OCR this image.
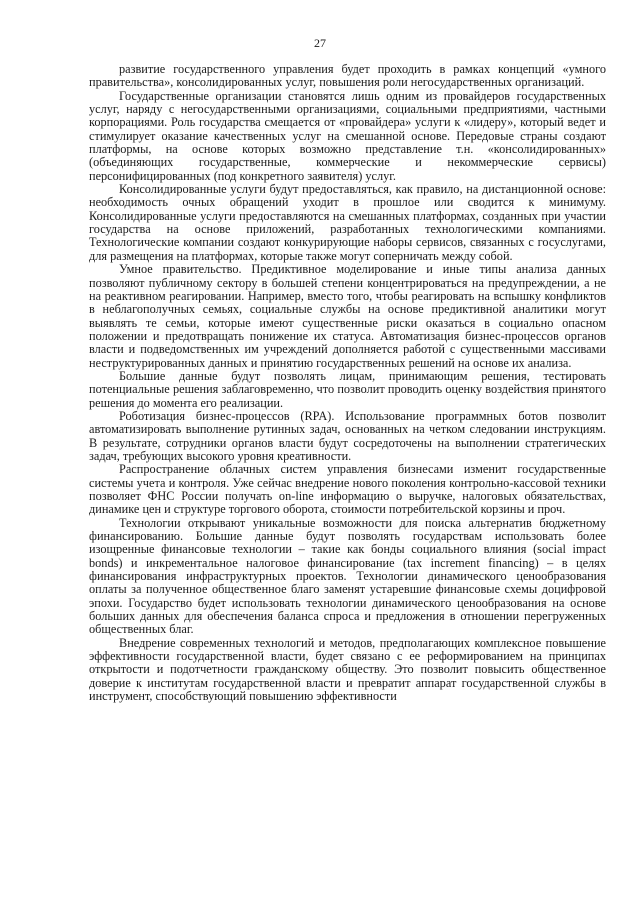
27

развитие государственного управления будет проходить в рамках концепций «умного правительства», консолидированных услуг, повышения роли негосударственных организаций.

Государственные организации становятся лишь одним из провайдеров государственных услуг, наряду с негосударственными организациями, социальными предприятиями, частными корпорациями. Роль государства смещается от «провайдера» услуги к «лидеру», который ведет и стимулирует оказание качественных услуг на смешанной основе. Передовые страны создают платформы, на основе которых возможно представление т.н. «консолидированных» (объединяющих государственные, коммерческие и некоммерческие сервисы) персонифицированных (под конкретного заявителя) услуг.

Консолидированные услуги будут предоставляться, как правило, на дистанционной основе: необходимость очных обращений уходит в прошлое или сводится к минимуму. Консолидированные услуги предоставляются на смешанных платформах, созданных при участии государства на основе приложений, разработанных технологическими компаниями. Технологические компании создают конкурирующие наборы сервисов, связанных с госуслугами, для размещения на платформах, которые также могут соперничать между собой.

Умное правительство. Предиктивное моделирование и иные типы анализа данных позволяют публичному сектору в большей степени концентрироваться на предупреждении, а не на реактивном реагировании. Например, вместо того, чтобы реагировать на вспышку конфликтов в неблагополучных семьях, социальные службы на основе предиктивной аналитики могут выявлять те семьи, которые имеют существенные риски оказаться в социально опасном положении и предотвращать понижение их статуса. Автоматизация бизнес-процессов органов власти и подведомственных им учреждений дополняется работой с существенными массивами неструктурированных данных и принятию государственных решений на основе их анализа.

Большие данные будут позволять лицам, принимающим решения, тестировать потенциальные решения заблаговременно, что позволит проводить оценку воздействия принятого решения до момента его реализации.

Роботизация бизнес-процессов (RPA). Использование программных ботов позволит автоматизировать выполнение рутинных задач, основанных на четком следовании инструкциям. В результате, сотрудники органов власти будут сосредоточены на выполнении стратегических задач, требующих высокого уровня креативности.

Распространение облачных систем управления бизнесами изменит государственные системы учета и контроля. Уже сейчас внедрение нового поколения контрольно-кассовой техники позволяет ФНС России получать on-line информацию о выручке, налоговых обязательствах, динамике цен и структуре торгового оборота, стоимости потребительской корзины и проч.

Технологии открывают уникальные возможности для поиска альтернатив бюджетному финансированию. Большие данные будут позволять государствам использовать более изощренные финансовые технологии – такие как бонды социального влияния (social impact bonds) и инкрементальное налоговое финансирование (tax increment financing) – в целях финансирования инфраструктурных проектов. Технологии динамического ценообразования оплаты за полученное общественное благо заменят устаревшие финансовые схемы доцифровой эпохи. Государство будет использовать технологии динамического ценообразования на основе больших данных для обеспечения баланса спроса и предложения в отношении перегруженных общественных благ.

Внедрение современных технологий и методов, предполагающих комплексное повышение эффективности государственной власти, будет связано с ее реформированием на принципах открытости и подотчетности гражданскому обществу. Это позволит повысить общественное доверие к институтам государственной власти и превратит аппарат государственной службы в инструмент, способствующий повышению эффективности
